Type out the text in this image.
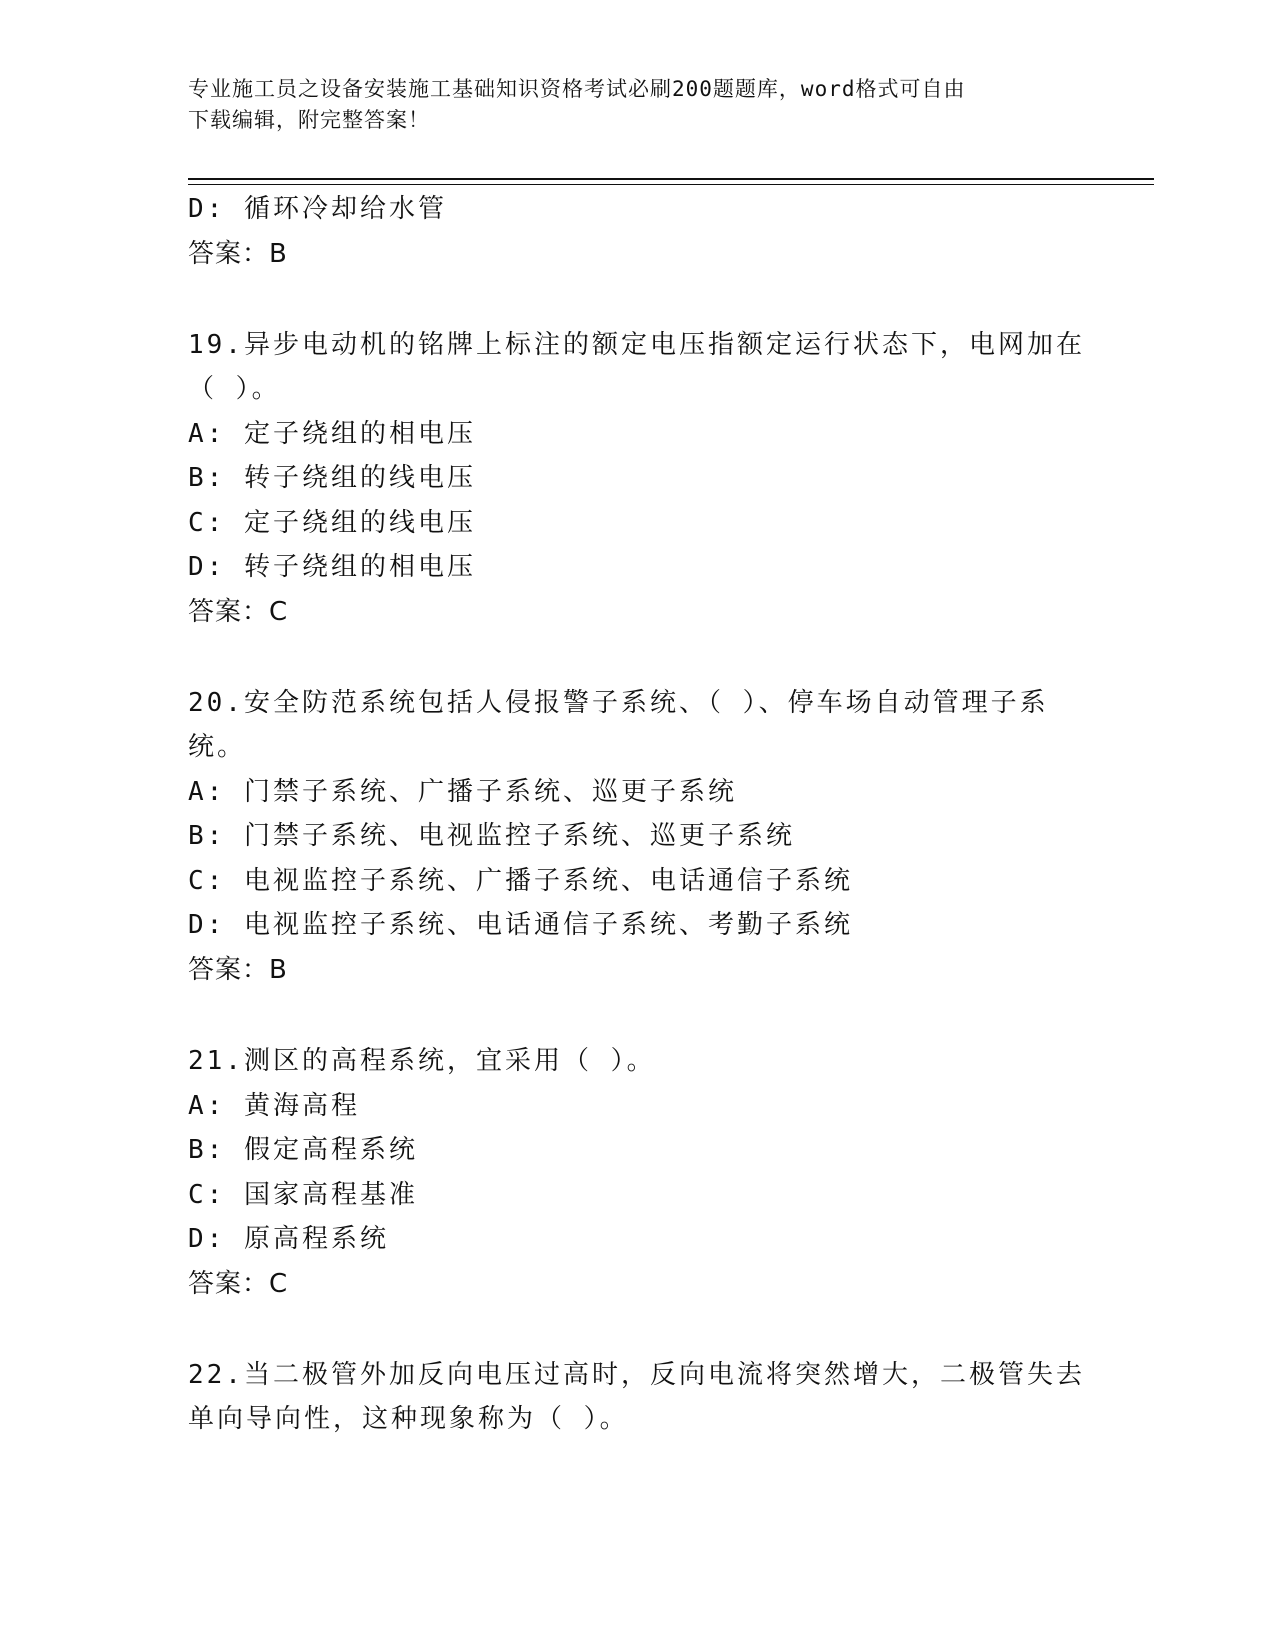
专业施工员之设备安装施工基础知识资格考试必刷200题题库，word格式可自由
下载编辑，附完整答案！
D: 循环冷却给水管
答案：B
19.异步电动机的铭牌上标注的额定电压指额定运行状态下，电网加在
（ ）。
A: 定子绕组的相电压
B: 转子绕组的线电压
C: 定子绕组的线电压
D: 转子绕组的相电压
答案：C
20.安全防范系统包括人侵报警子系统、（ ）、停车场自动管理子系
统。
A: 门禁子系统、广播子系统、巡更子系统
B: 门禁子系统、电视监控子系统、巡更子系统
C: 电视监控子系统、广播子系统、电话通信子系统
D: 电视监控子系统、电话通信子系统、考勤子系统
答案：B
21.测区的高程系统，宜采用（ ）。
A: 黄海高程
B: 假定高程系统
C: 国家高程基准
D: 原高程系统
答案：C
22.当二极管外加反向电压过高时，反向电流将突然增大，二极管失去
单向导向性，这种现象称为（ ）。
